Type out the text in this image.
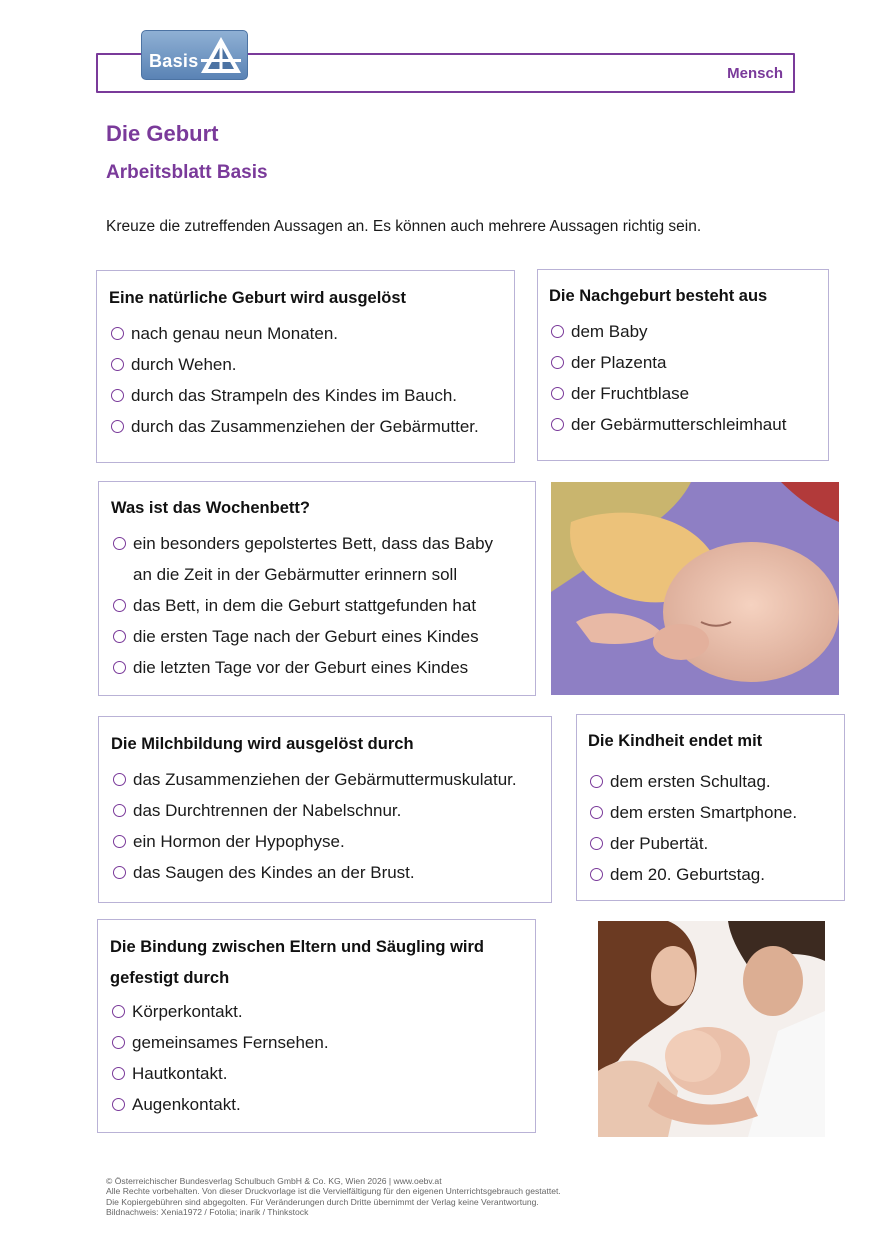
Mensch
Basis
Die Geburt
Arbeitsblatt Basis
Kreuze die zutreffenden Aussagen an. Es können auch mehrere Aussagen richtig sein.
Eine natürliche Geburt wird ausgelöst
nach genau neun Monaten.
durch Wehen.
durch das Strampeln des Kindes im Bauch.
durch das Zusammenziehen der Gebärmutter.
Die Nachgeburt besteht aus
dem Baby
der Plazenta
der Fruchtblase
der Gebärmutterschleimhaut
Was ist das Wochenbett?
ein besonders gepolstertes Bett, dass das Baby
an die Zeit in der Gebärmutter erinnern soll
das Bett, in dem die Geburt stattgefunden hat
die ersten Tage nach der Geburt eines Kindes
die letzten Tage vor der Geburt eines Kindes
Die Milchbildung wird ausgelöst durch
das Zusammenziehen der Gebärmuttermuskulatur.
das Durchtrennen der Nabelschnur.
ein Hormon der Hypophyse.
das Saugen des Kindes an der Brust.
Die Kindheit endet mit
dem ersten Schultag.
dem ersten Smartphone.
der Pubertät.
dem 20. Geburtstag.
Die Bindung zwischen Eltern und Säugling wird gefestigt durch
Körperkontakt.
gemeinsames Fernsehen.
Hautkontakt.
Augenkontakt.
© Österreichischer Bundesverlag Schulbuch GmbH & Co. KG, Wien 2026 | www.oebv.at
Alle Rechte vorbehalten. Von dieser Druckvorlage ist die Vervielfältigung für den eigenen Unterrichtsgebrauch gestattet.
Die Kopiergebühren sind abgegolten. Für Veränderungen durch Dritte übernimmt der Verlag keine Verantwortung.
Bildnachweis: Xenia1972 / Fotolia; inarik / Thinkstock
